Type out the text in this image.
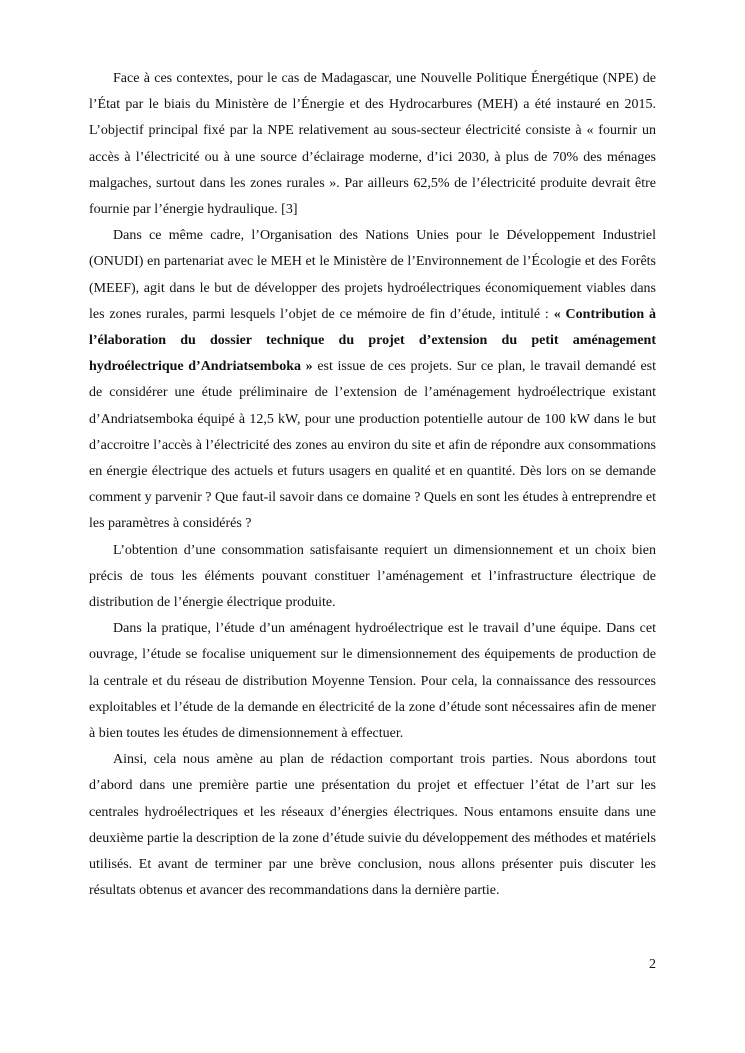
Face à ces contextes, pour le cas de Madagascar, une Nouvelle Politique Énergétique (NPE) de l’État par le biais du Ministère de l’Énergie et des Hydrocarbures (MEH) a été instauré en 2015. L’objectif principal fixé par la NPE relativement au sous-secteur électricité consiste à « fournir un accès à l’électricité ou à une source d’éclairage moderne, d’ici 2030, à plus de 70% des ménages malgaches, surtout dans les zones rurales ». Par ailleurs 62,5% de l’électricité produite devrait être fournie par l’énergie hydraulique. [3]

Dans ce même cadre, l’Organisation des Nations Unies pour le Développement Industriel (ONUDI) en partenariat avec le MEH et le Ministère de l’Environnement de l’Écologie et des Forêts (MEEF), agit dans le but de développer des projets hydroélectriques économiquement viables dans les zones rurales, parmi lesquels l’objet de ce mémoire de fin d’étude, intitulé : « Contribution à l’élaboration du dossier technique du projet d’extension du petit aménagement hydroélectrique d’Andriatsemboka » est issue de ces projets. Sur ce plan, le travail demandé est de considérer une étude préliminaire de l’extension de l’aménagement hydroélectrique existant d’Andriatsemboka équipé à 12,5 kW, pour une production potentielle autour de 100 kW dans le but d’accroitre l’accès à l’électricité des zones au environ du site et afin de répondre aux consommations en énergie électrique des actuels et futurs usagers en qualité et en quantité. Dès lors on se demande comment y parvenir ? Que faut-il savoir dans ce domaine ? Quels en sont les études à entreprendre et les paramètres à considérés ?

L’obtention d’une consommation satisfaisante requiert un dimensionnement et un choix bien précis de tous les éléments pouvant constituer l’aménagement et l’infrastructure électrique de distribution de l’énergie électrique produite.

Dans la pratique, l’étude d’un aménagent hydroélectrique est le travail d’une équipe. Dans cet ouvrage, l’étude se focalise uniquement sur le dimensionnement des équipements de production de la centrale et du réseau de distribution Moyenne Tension. Pour cela, la connaissance des ressources exploitables et l’étude de la demande en électricité de la zone d’étude sont nécessaires afin de mener à bien toutes les études de dimensionnement à effectuer.

Ainsi, cela nous amène au plan de rédaction comportant trois parties. Nous abordons tout d’abord dans une première partie une présentation du projet et effectuer l’état de l’art sur les centrales hydroélectriques et les réseaux d’énergies électriques. Nous entamons ensuite dans une deuxième partie la description de la zone d’étude suivie du développement des méthodes et matériels utilisés. Et avant de terminer par une brève conclusion, nous allons présenter puis discuter les résultats obtenus et avancer des recommandations dans la dernière partie.

2
